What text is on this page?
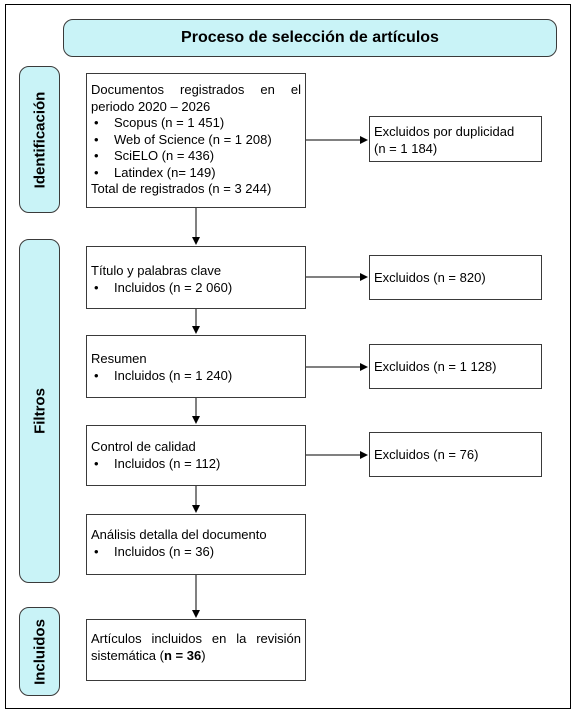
Proceso de selección de artículos
Identificación
Filtros
Incluidos
Documentos registrados en el
periodo 2020 – 2026
• Scopus (n = 1 451)
• Web of Science (n = 1 208)
• SciELO (n = 436)
• Latindex (n= 149)
Total de registrados (n = 3 244)
Excluidos por duplicidad
(n = 1 184)
Título y palabras clave
• Incluidos (n = 2 060)
Excluidos (n = 820)
Resumen
• Incluidos (n = 1 240)
Excluidos (n = 1 128)
Control de calidad
• Incluidos (n = 112)
Excluidos (n = 76)
Análisis detalla del documento
• Incluidos (n = 36)
Artículos incluidos en la revisión
sistemática (n = 36)
